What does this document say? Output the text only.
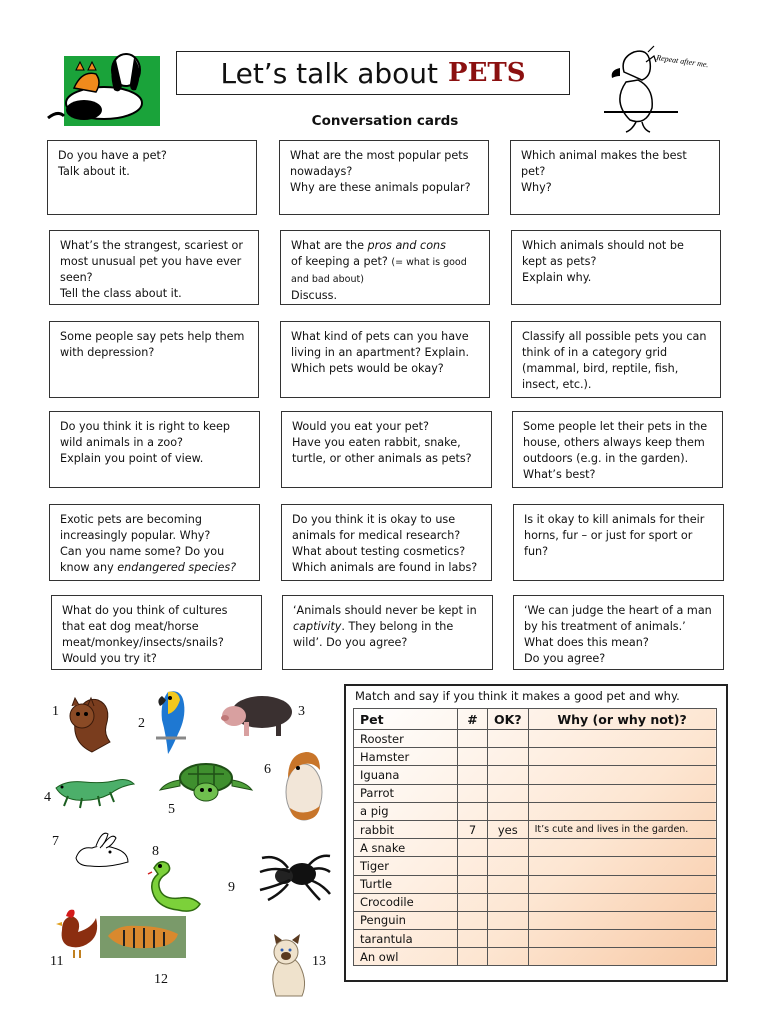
Let’s talk about PETS	Repeat after me.
Conversation cards

Do you have a pet?
Talk about it.

What are the most popular pets nowadays?
Why are these animals popular?

Which animal makes the best pet?
Why?

What’s the strangest, scariest or most unusual pet you have ever seen?
Tell the class about it.

What are the pros and cons
of keeping a pet? (= what is good and bad about)
Discuss.

Which animals should not be kept as pets?
Explain why.

Some people say pets help them with depression?

What kind of pets can you have living in an apartment? Explain.
Which pets would be okay?

Classify all possible pets you can think of in a category grid (mammal, bird, reptile, fish, insect, etc.).

Do you think it is right to keep wild animals in a zoo?
Explain you point of view.

Would you eat your pet?
Have you eaten rabbit, snake, turtle, or other animals as pets?

Some people let their pets in the house, others always keep them outdoors (e.g. in the garden).
What’s best?

Exotic pets are becoming increasingly popular. Why?
Can you name some? Do you know any endangered species?

Do you think it is okay to use animals for medical research?
What about testing cosmetics?
Which animals are found in labs?

Is it okay to kill animals for their horns, fur – or just for sport or fun?

What do you think of cultures that eat dog meat/horse meat/monkey/insects/snails?
Would you try it?

‘Animals should never be kept in captivity. They belong in the wild’. Do you agree?

‘We can judge the heart of a man by his treatment of animals.’
What does this mean?
Do you agree?

1
2
3
4
5
6
7
8
9
11
12
13
Match and say if you think it makes a good pet and why.
Pet	#	OK?	Why (or why not)?
Rooster			
Hamster			
Iguana			
Parrot			
a pig			
rabbit	7	yes	It’s cute and lives in the garden.
A snake			
Tiger			
Turtle			
Crocodile			
Penguin			
tarantula			
An owl			
